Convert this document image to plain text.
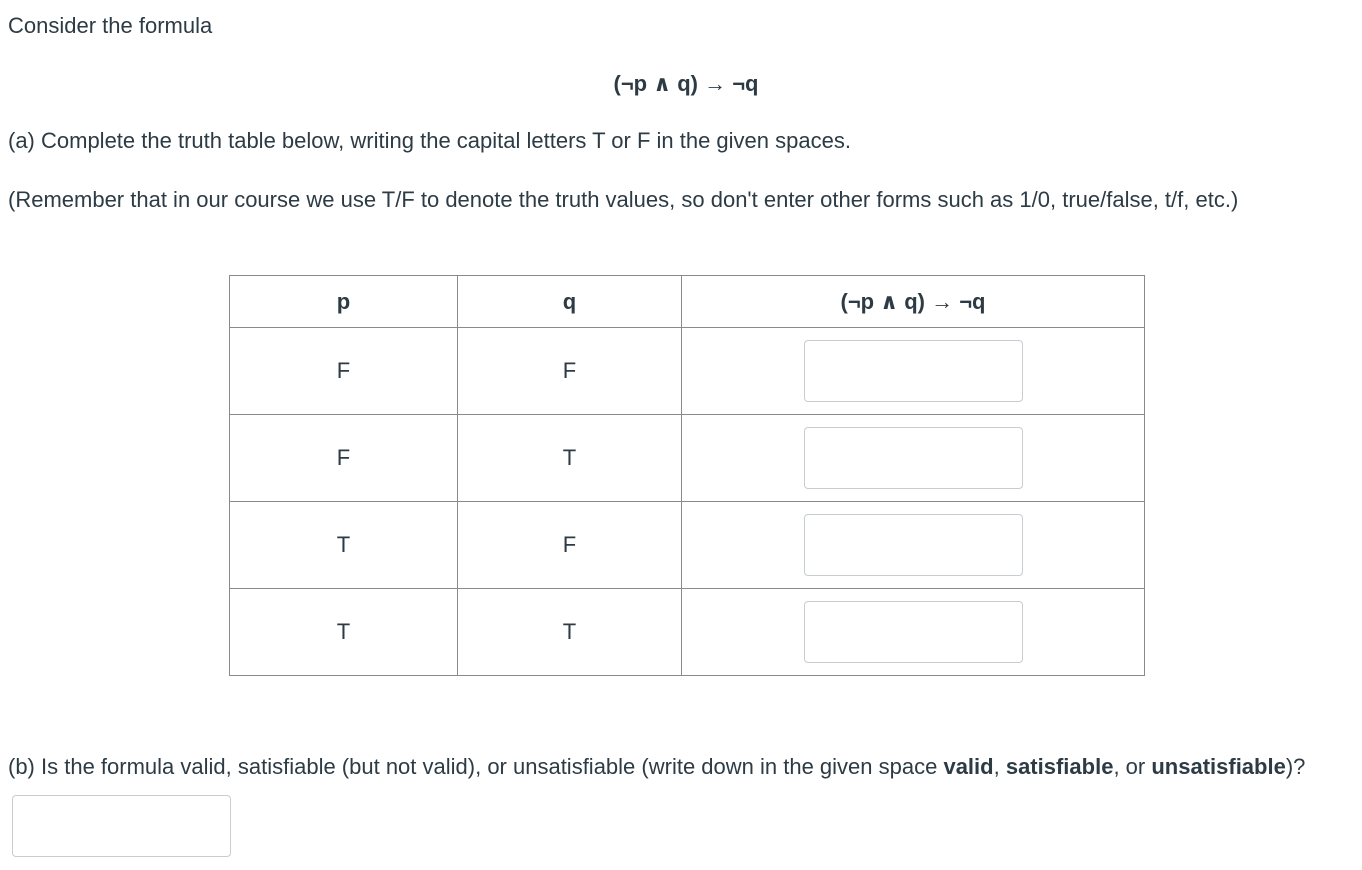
Consider the formula

(¬p ∧ q) → ¬q

(a) Complete the truth table below, writing the capital letters T or F in the given spaces.

(Remember that in our course we use T/F to denote the truth values, so don't enter other forms such as 1/0, true/false, t/f, etc.)

p	q	(¬p ∧ q) → ¬q
F	F	

F	T	

T	F	

T	T	

(b) Is the formula valid, satisfiable (but not valid), or unsatisfiable (write down in the given space valid, satisfiable, or unsatisfiable)?
